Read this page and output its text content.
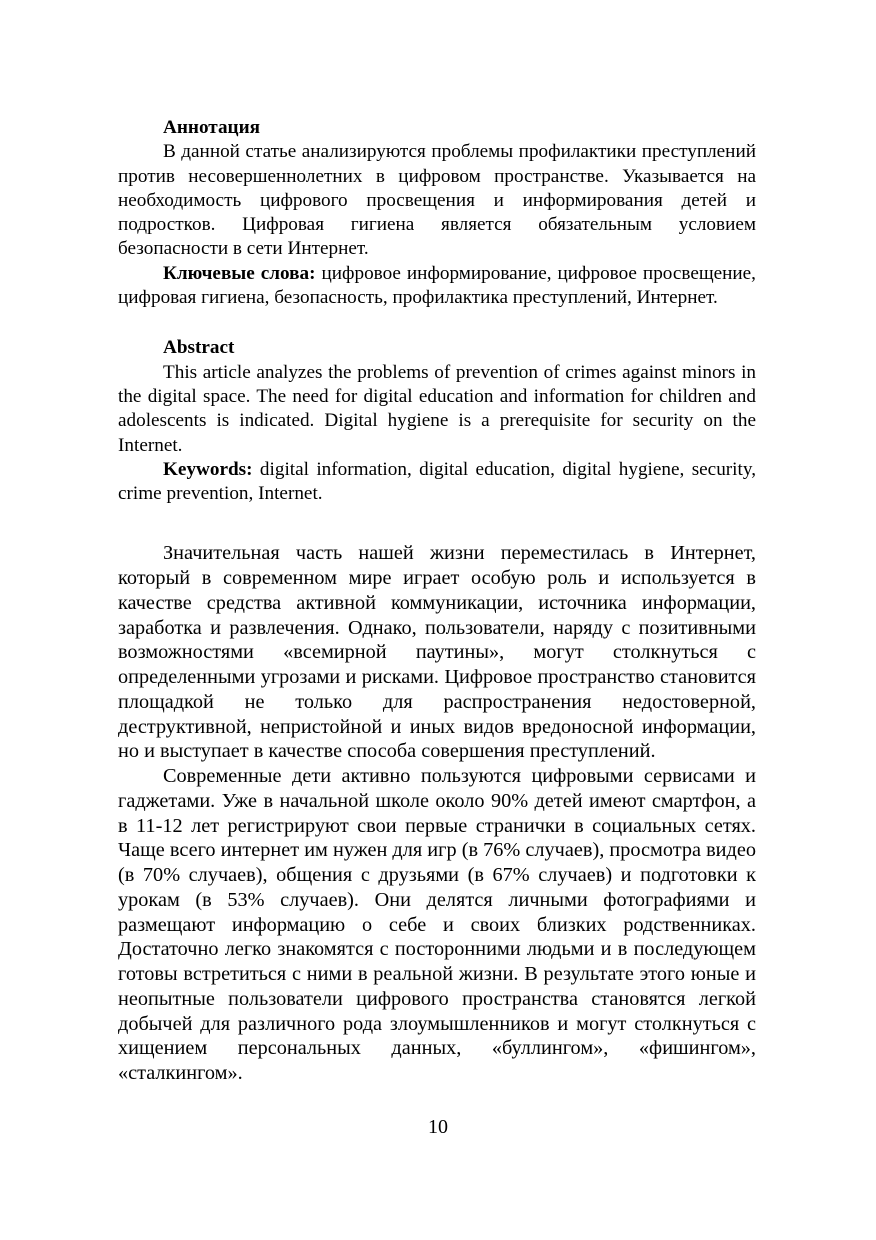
Аннотация

В данной статье анализируются проблемы профилактики преступлений против несовершеннолетних в цифровом пространстве. Указывается на необходимость цифрового просвещения и информирования детей и подростков. Цифровая гигиена является обязательным условием безопасности в сети Интернет.

Ключевые слова: цифровое информирование, цифровое просвещение, цифровая гигиена, безопасность, профилактика преступлений, Интернет.

Abstract

This article analyzes the problems of prevention of crimes against minors in the digital space. The need for digital education and information for children and adolescents is indicated. Digital hygiene is a prerequisite for security on the Internet.

Keywords: digital information, digital education, digital hygiene, security, crime prevention, Internet.

Значительная часть нашей жизни переместилась в Интернет, который в современном мире играет особую роль и используется в качестве средства активной коммуникации, источника информации, заработка и развлечения. Однако, пользователи, наряду с позитивными возможностями «всемирной паутины», могут столкнуться с определенными угрозами и рисками. Цифровое пространство становится площадкой не только для распространения недостоверной, деструктивной, непристойной и иных видов вредоносной информации, но и выступает в качестве способа совершения преступлений.

Современные дети активно пользуются цифровыми сервисами и гаджетами. Уже в начальной школе около 90% детей имеют смартфон, а в 11-12 лет регистрируют свои первые странички в социальных сетях. Чаще всего интернет им нужен для игр (в 76% случаев), просмотра видео (в 70% случаев), общения с друзьями (в 67% случаев) и подготовки к урокам (в 53% случаев). Они делятся личными фотографиями и размещают информацию о себе и своих близких родственниках. Достаточно легко знакомятся с посторонними людьми и в последующем готовы встретиться с ними в реальной жизни. В результате этого юные и неопытные пользователи цифрового пространства становятся легкой добычей для различного рода злоумышленников и могут столкнуться с хищением персональных данных, «буллингом», «фишингом», «сталкингом».

10
